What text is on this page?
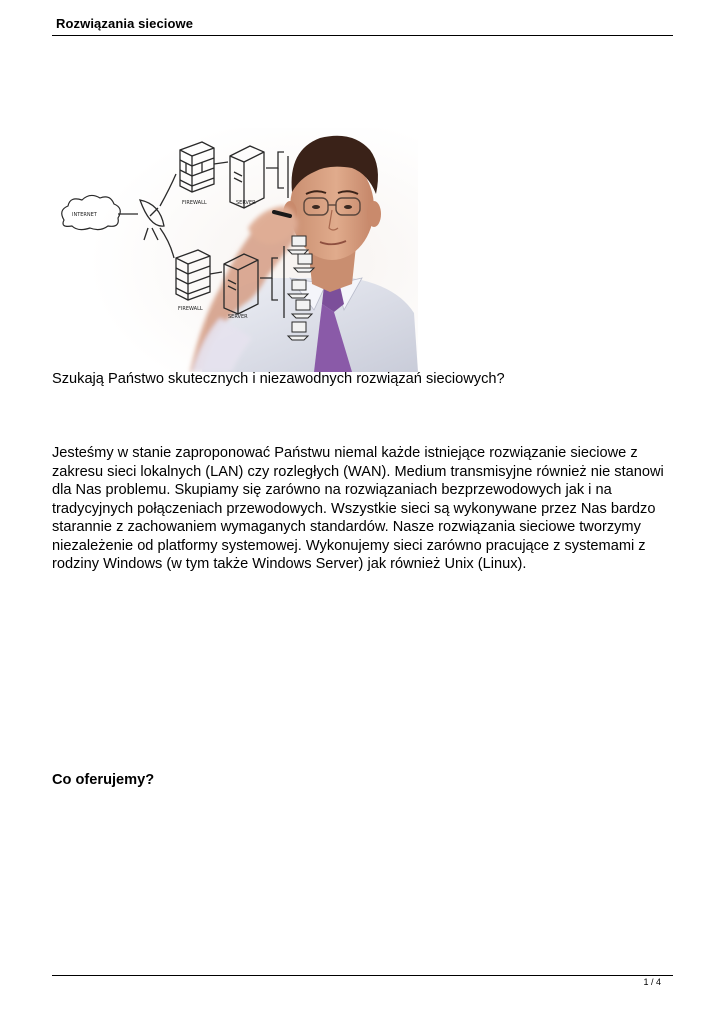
Rozwiązania sieciowe
INTERNET
FIREWALL	SERVER
FIREWALL
SERVER
Szukają Państwo skutecznych i niezawodnych rozwiązań sieciowych?

Jesteśmy w stanie zaproponować Państwu niemal każde istniejące rozwiązanie sieciowe z

zakresu sieci lokalnych (LAN) czy rozległych (WAN). Medium transmisyjne również nie stanowi

dla Nas problemu. Skupiamy się zarówno na rozwiązaniach bezprzewodowych jak i na

tradycyjnych połączeniach przewodowych. Wszystkie sieci są wykonywane przez Nas bardzo

starannie z zachowaniem wymaganych standardów. Nasze rozwiązania sieciowe tworzymy

niezależenie od platformy systemowej. Wykonujemy sieci zarówno pracujące z systemami z

rodziny Windows (w tym także Windows Server) jak również Unix (Linux).

Co oferujemy?
1 / 4
